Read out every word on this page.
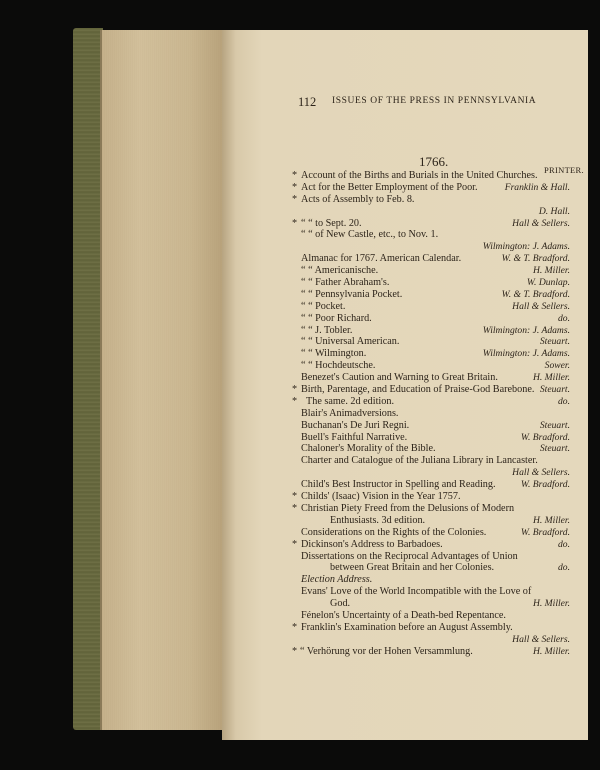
112 ISSUES OF THE PRESS IN PENNSYLVANIA
1766.
PRINTER.
* Account of the Births and Burials in the United Churches.
* Act for the Better Employment of the Poor.	Franklin & Hall.
* Acts of Assembly to Feb. 8.
D. Hall.
* “ “ to Sept. 20.	Hall & Sellers.
“ “ of New Castle, etc., to Nov. 1.
Wilmington: J. Adams.
Almanac for 1767. American Calendar.	W. & T. Bradford.
“ “ Americanische.	H. Miller.
“ “ Father Abraham's.	W. Dunlap.
“ “ Pennsylvania Pocket.	W. & T. Bradford.
“ “ Pocket.	Hall & Sellers.
“ “ Poor Richard.	do.
“ “ J. Tobler.	Wilmington: J. Adams.
“ “ Universal American.	Steuart.
“ “ Wilmington.	Wilmington: J. Adams.
“ “ Hochdeutsche.	Sower.
Benezet's Caution and Warning to Great Britain.	H. Miller.
* Birth, Parentage, and Education of Praise-God Barebone. Steuart.
* The same. 2d edition.	do.
Blair's Animadversions.
Buchanan's De Juri Regni.	Steuart.
Buell's Faithful Narrative.	W. Bradford.
Chaloner's Morality of the Bible.	Steuart.
Charter and Catalogue of the Juliana Library in Lancaster.
Hall & Sellers.
Child's Best Instructor in Spelling and Reading.	W. Bradford.
* Childs' (Isaac) Vision in the Year 1757.
* Christian Piety Freed from the Delusions of Modern
Enthusiasts. 3d edition.	H. Miller.
Considerations on the Rights of the Colonies.	W. Bradford.
* Dickinson's Address to Barbadoes.	do.
Dissertations on the Reciprocal Advantages of Union
between Great Britain and her Colonies.	do.
Election Address.
Evans' Love of the World Incompatible with the Love of
God.	H. Miller.
Fénelon's Uncertainty of a Death-bed Repentance.
* Franklin's Examination before an August Assembly.
Hall & Sellers.
* “ Verhörung vor der Hohen Versammlung.	H. Miller.
